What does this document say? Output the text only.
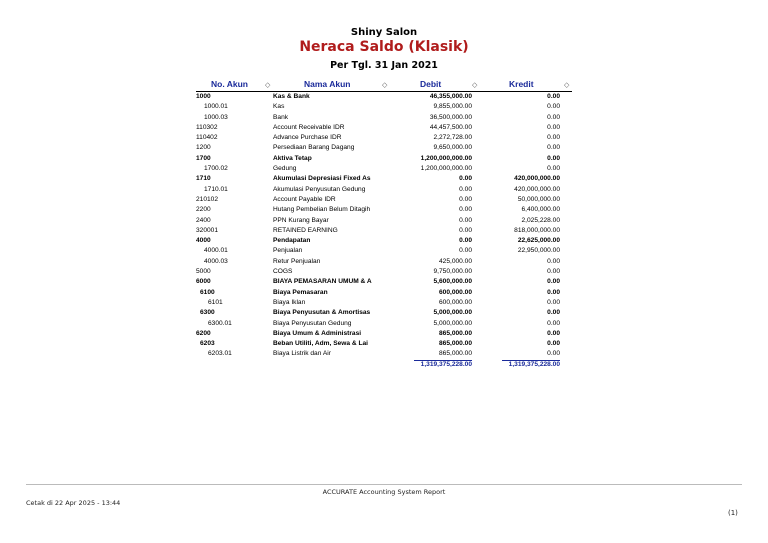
Shiny Salon
Neraca Saldo (Klasik)
Per Tgl. 31 Jan 2021
No. Akun ◇	Nama Akun	◇	Debit	◇	Kredit	◇
1000	Kas & Bank	46,355,000.00	0.00
1000.01	Kas	9,855,000.00	0.00
1000.03	Bank	36,500,000.00	0.00
110302	Account Receivable IDR	44,457,500.00	0.00
110402	Advance Purchase IDR	2,272,728.00	0.00
1200	Persediaan Barang Dagang	9,650,000.00	0.00
1700	Aktiva Tetap	1,200,000,000.00	0.00
1700.02	Gedung	1,200,000,000.00	0.00
1710	Akumulasi Depresiasi Fixed As	0.00	420,000,000.00
1710.01	Akumulasi Penyusutan Gedung	0.00	420,000,000.00
210102	Account Payable IDR	0.00	50,000,000.00
2200	Hutang Pembelian Belum Ditagih	0.00	6,400,000.00
2400	PPN Kurang Bayar	0.00	2,025,228.00
320001	RETAINED EARNING	0.00	818,000,000.00
4000	Pendapatan	0.00	22,625,000.00
4000.01	Penjualan	0.00	22,950,000.00
4000.03	Retur Penjualan	425,000.00	0.00
5000	COGS	9,750,000.00	0.00
6000	BIAYA PEMASARAN UMUM & A	5,600,000.00	0.00
6100	Biaya Pemasaran	600,000.00	0.00
6101	Biaya Iklan	600,000.00	0.00
6300	Biaya Penyusutan & Amortisas	5,000,000.00	0.00
6300.01	Biaya Penyusutan Gedung	5,000,000.00	0.00
6200	Biaya Umum & Administrasi	865,000.00	0.00
6203	Beban Utiliti, Adm, Sewa & Lai	865,000.00	0.00
6203.01	Biaya Listrik dan Air	865,000.00	0.00
1,319,375,228.00	1,319,375,228.00
ACCURATE Accounting System Report
Cetak di 22 Apr 2025 - 13:44
(1)
